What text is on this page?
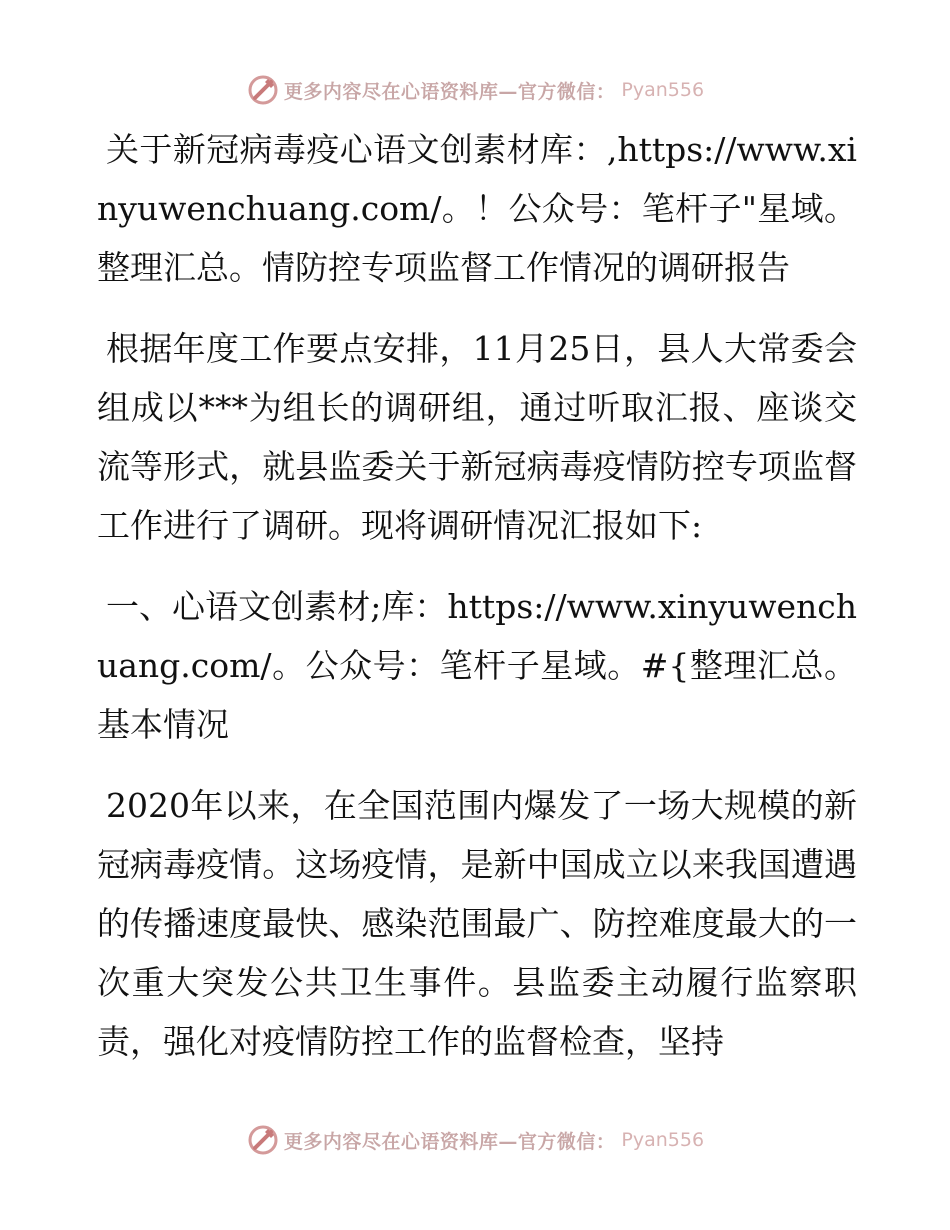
更多内容尽在心语资料库—官方微信： Pyan556

关于新冠病毒疫心语文创素材库：,https://www.xinyuwenchuang.com/。！公众号：笔杆子"星域。整理汇总。情防控专项监督工作情况的调研报告

根据年度工作要点安排，11月25日，县人大常委会组成以***为组长的调研组，通过听取汇报、座谈交流等形式，就县监委关于新冠病毒疫情防控专项监督工作进行了调研。现将调研情况汇报如下:

一、心语文创素材;库：https://www.xinyuwenchuang.com/。公众号：笔杆子星域。#{整理汇总。基本情况

2020年以来，在全国范围内爆发了一场大规模的新冠病毒疫情。这场疫情，是新中国成立以来我国遭遇的传播速度最快、感染范围最广、防控难度最大的一次重大突发公共卫生事件。县监委主动履行监察职责，强化对疫情防控工作的监督检查，坚持

更多内容尽在心语资料库—官方微信： Pyan556
